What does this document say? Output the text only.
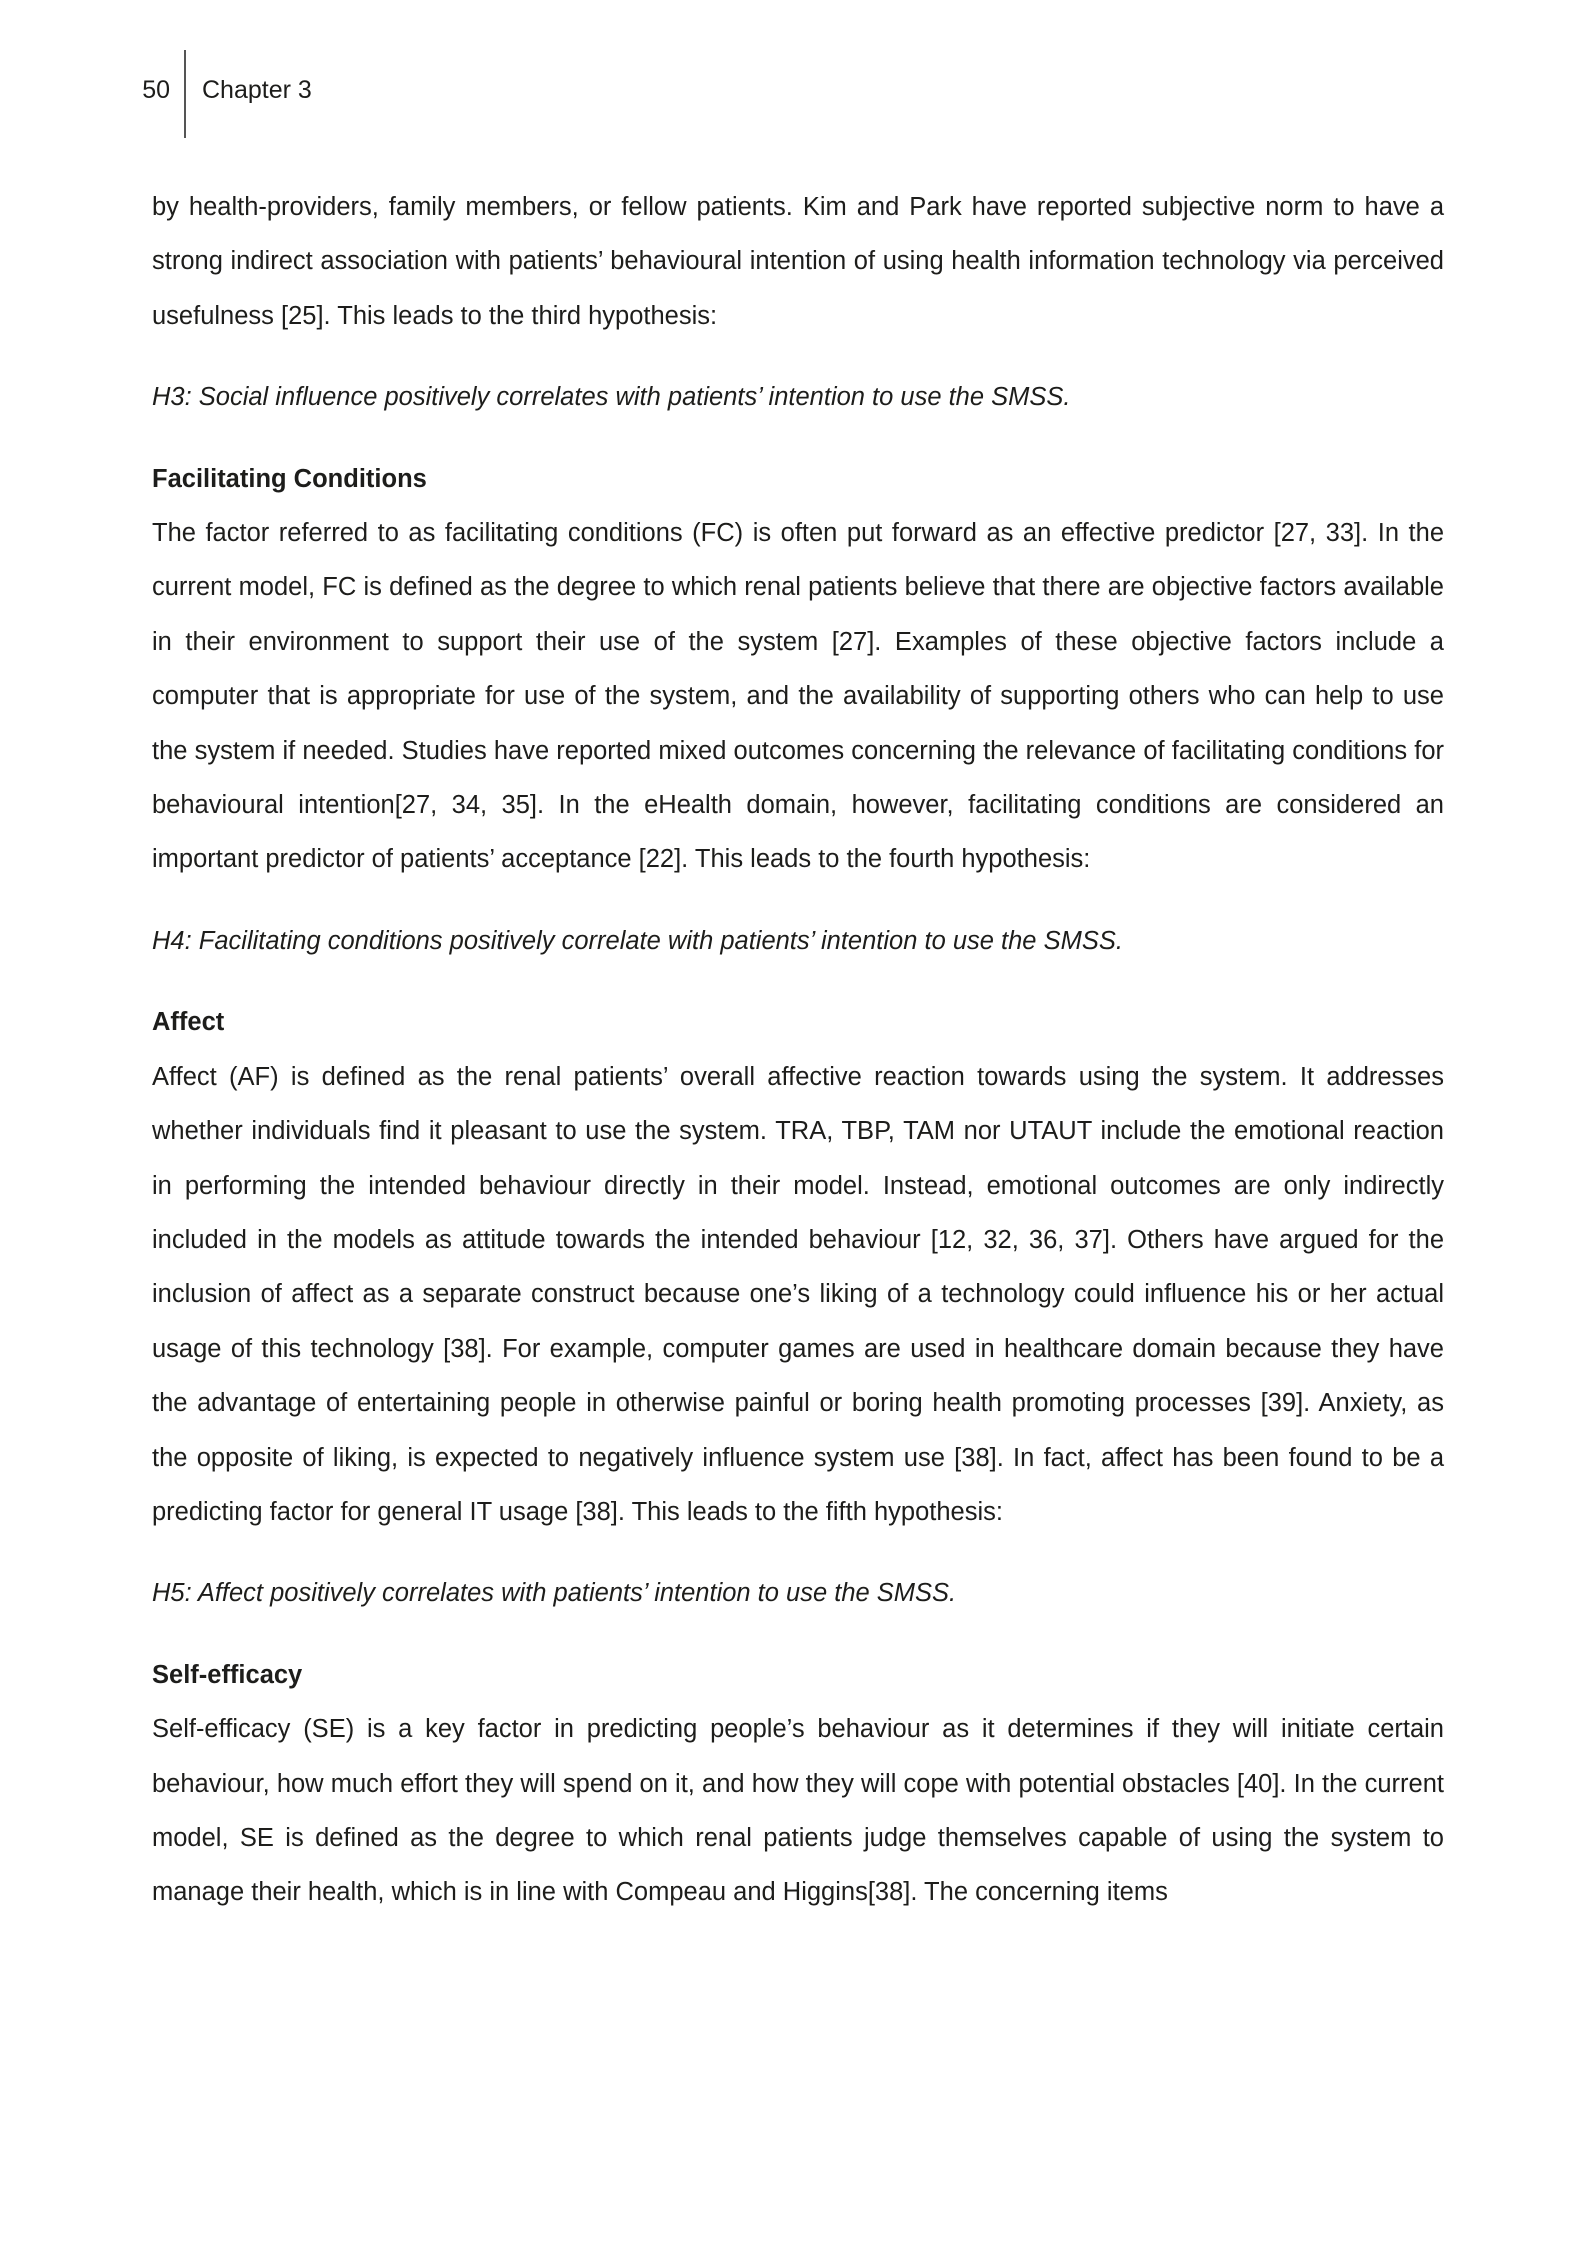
50 Chapter 3

by health-providers, family members, or fellow patients. Kim and Park have reported subjective norm to have a strong indirect association with patients’ behavioural intention of using health information technology via perceived usefulness [25]. This leads to the third hypothesis:

H3: Social influence positively correlates with patients’ intention to use the SMSS.

Facilitating Conditions

The factor referred to as facilitating conditions (FC) is often put forward as an effective predictor [27, 33]. In the current model, FC is defined as the degree to which renal patients believe that there are objective factors available in their environment to support their use of the system [27]. Examples of these objective factors include a computer that is appropriate for use of the system, and the availability of supporting others who can help to use the system if needed. Studies have reported mixed outcomes concerning the relevance of facilitating conditions for behavioural intention[27, 34, 35]. In the eHealth domain, however, facilitating conditions are considered an important predictor of patients’ acceptance [22]. This leads to the fourth hypothesis:

H4: Facilitating conditions positively correlate with patients’ intention to use the SMSS.

Affect

Affect (AF) is defined as the renal patients’ overall affective reaction towards using the system. It addresses whether individuals find it pleasant to use the system. TRA, TBP, TAM nor UTAUT include the emotional reaction in performing the intended behaviour directly in their model. Instead, emotional outcomes are only indirectly included in the models as attitude towards the intended behaviour [12, 32, 36, 37]. Others have argued for the inclusion of affect as a separate construct because one’s liking of a technology could influence his or her actual usage of this technology [38]. For example, computer games are used in healthcare domain because they have the advantage of entertaining people in otherwise painful or boring health promoting processes [39]. Anxiety, as the opposite of liking, is expected to negatively influence system use [38]. In fact, affect has been found to be a predicting factor for general IT usage [38]. This leads to the fifth hypothesis:

H5: Affect positively correlates with patients’ intention to use the SMSS.

Self-efficacy

Self-efficacy (SE) is a key factor in predicting people’s behaviour as it determines if they will initiate certain behaviour, how much effort they will spend on it, and how they will cope with potential obstacles [40]. In the current model, SE is defined as the degree to which renal patients judge themselves capable of using the system to manage their health, which is in line with Compeau and Higgins[38]. The concerning items
